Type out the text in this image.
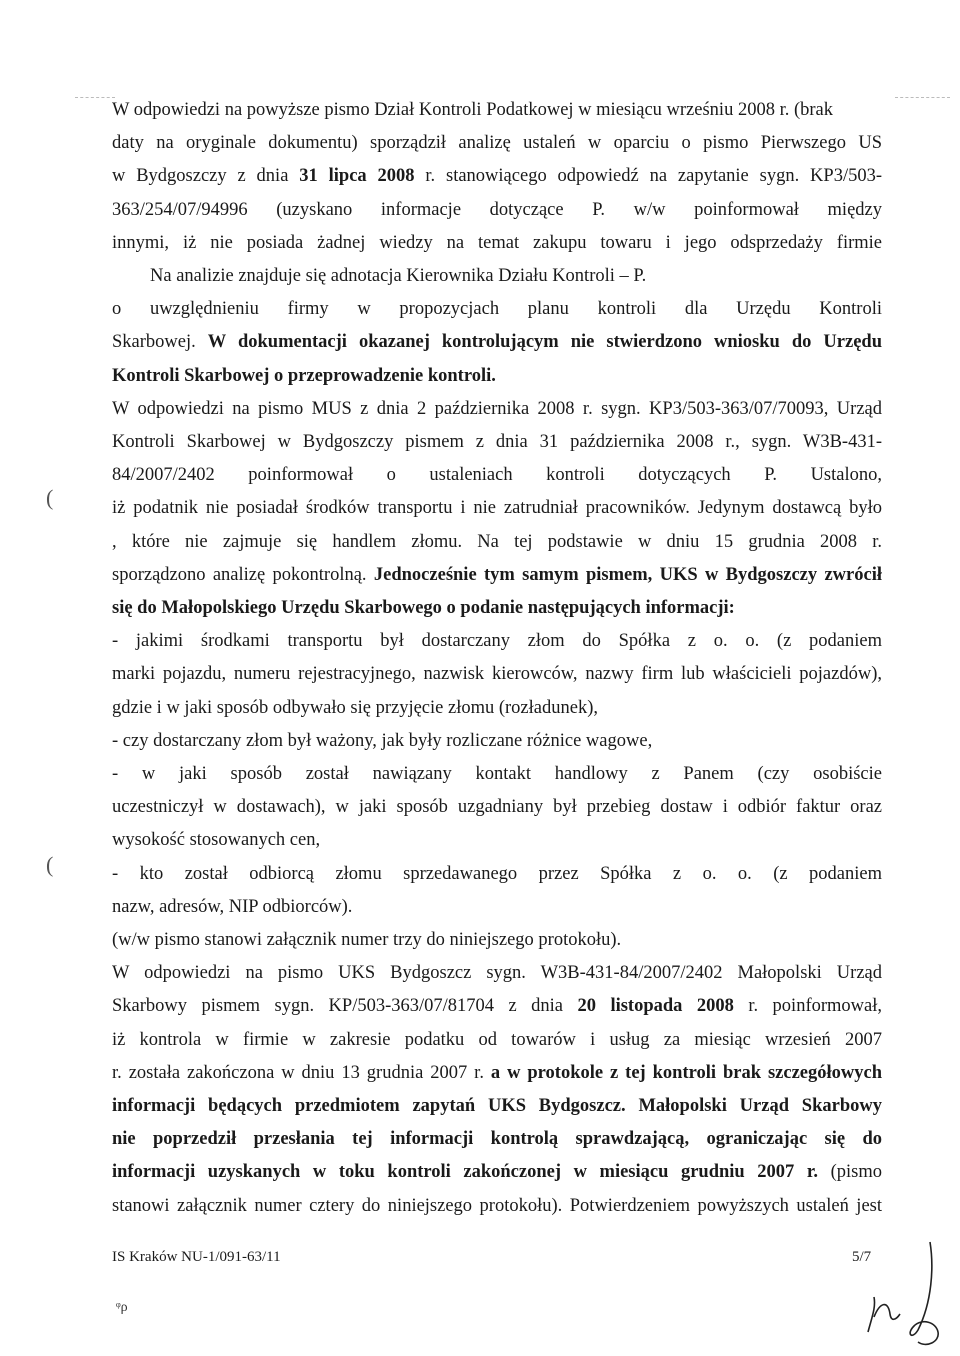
W odpowiedzi na powyższe pismo Dział Kontroli Podatkowej w miesiącu wrześniu 2008 r. (brak
daty na oryginale dokumentu) sporządził analizę ustaleń w oparciu o pismo Pierwszego US
w Bydgoszczy z dnia 31 lipca 2008 r. stanowiącego odpowiedź na zapytanie sygn. KP3/503-
363/254/07/94996 (uzyskano informacje dotyczące P. w/w poinformował między
innymi, iż nie posiada żadnej wiedzy na temat zakupu towaru i jego odsprzedaży firmie
Na analizie znajduje się adnotacja Kierownika Działu Kontroli – P.
o uwzględnieniu firmy w propozycjach planu kontroli dla Urzędu Kontroli
Skarbowej. W dokumentacji okazanej kontrolującym nie stwierdzono wniosku do Urzędu
Kontroli Skarbowej o przeprowadzenie kontroli.
W odpowiedzi na pismo MUS z dnia 2 października 2008 r. sygn. KP3/503-363/07/70093, Urząd
Kontroli Skarbowej w Bydgoszczy pismem z dnia 31 października 2008 r., sygn. W3B-431-
84/2007/2402 poinformował o ustaleniach kontroli dotyczących P. Ustalono,
iż podatnik nie posiadał środków transportu i nie zatrudniał pracowników. Jedynym dostawcą było
, które nie zajmuje się handlem złomu. Na tej podstawie w dniu 15 grudnia 2008 r.
sporządzono analizę pokontrolną. Jednocześnie tym samym pismem, UKS w Bydgoszczy zwrócił
się do Małopolskiego Urzędu Skarbowego o podanie następujących informacji:
- jakimi środkami transportu był dostarczany złom do Spółka z o. o. (z podaniem
marki pojazdu, numeru rejestracyjnego, nazwisk kierowców, nazwy firm lub właścicieli pojazdów),
gdzie i w jaki sposób odbywało się przyjęcie złomu (rozładunek),
- czy dostarczany złom był ważony, jak były rozliczane różnice wagowe,
- w jaki sposób został nawiązany kontakt handlowy z Panem (czy osobiście
uczestniczył w dostawach), w jaki sposób uzgadniany był przebieg dostaw i odbiór faktur oraz
wysokość stosowanych cen,
- kto został odbiorcą złomu sprzedawanego przez Spółka z o. o. (z podaniem
nazw, adresów, NIP odbiorców).
(w/w pismo stanowi załącznik numer trzy do niniejszego protokołu).
W odpowiedzi na pismo UKS Bydgoszcz sygn. W3B-431-84/2007/2402 Małopolski Urząd
Skarbowy pismem sygn. KP/503-363/07/81704 z dnia 20 listopada 2008 r. poinformował,
iż kontrola w firmie w zakresie podatku od towarów i usług za miesiąc wrzesień 2007
r. została zakończona w dniu 13 grudnia 2007 r. a w protokole z tej kontroli brak szczegółowych
informacji będących przedmiotem zapytań UKS Bydgoszcz. Małopolski Urząd Skarbowy
nie poprzedził przesłania tej informacji kontrolą sprawdzającą, ograniczając się do
informacji uzyskanych w toku kontroli zakończonej w miesiącu grudniu 2007 r. (pismo
stanowi załącznik numer cztery do niniejszego protokołu). Potwierdzeniem powyższych ustaleń jest
(
(
IS Kraków NU-1/091-63/11	5/7
ᵠρ
